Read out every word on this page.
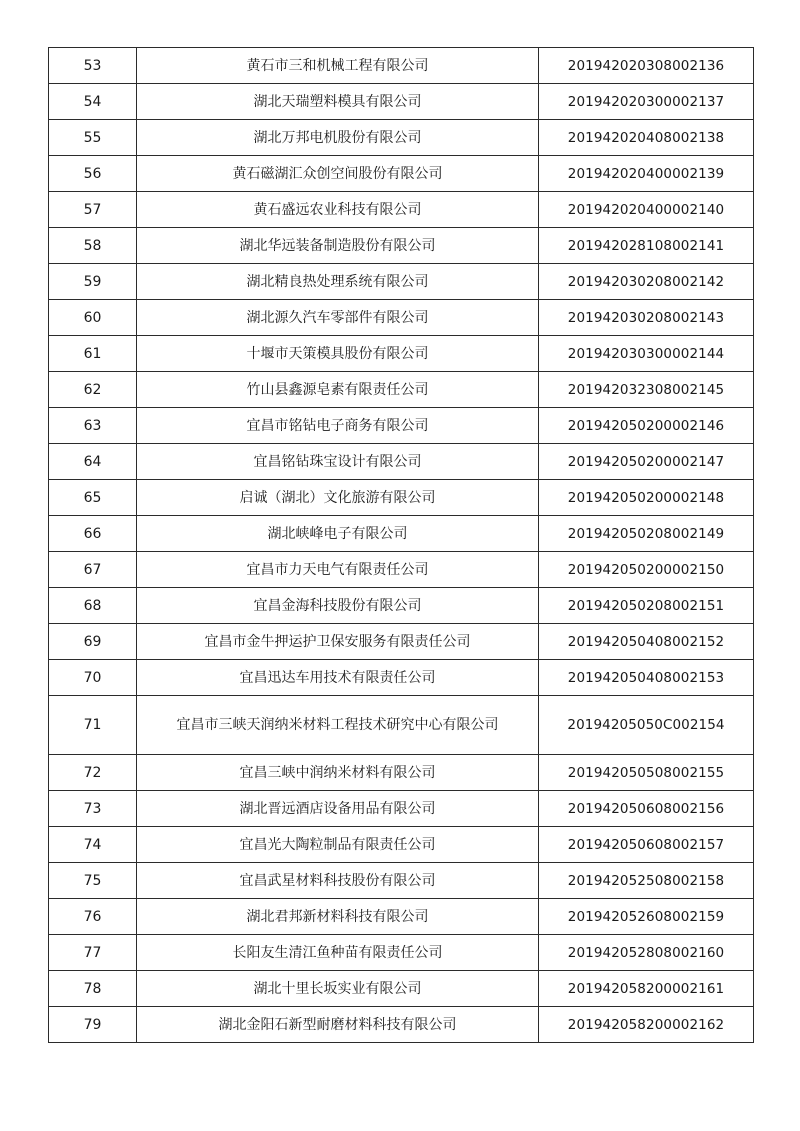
53	黄石市三和机械工程有限公司	201942020308002136
54	湖北天瑞塑料模具有限公司	201942020300002137
55	湖北万邦电机股份有限公司	201942020408002138
56	黄石磁湖汇众创空间股份有限公司	201942020400002139
57	黄石盛远农业科技有限公司	201942020400002140
58	湖北华远装备制造股份有限公司	201942028108002141
59	湖北精良热处理系统有限公司	201942030208002142
60	湖北源久汽车零部件有限公司	201942030208002143
61	十堰市天策模具股份有限公司	201942030300002144
62	竹山县鑫源皂素有限责任公司	201942032308002145
63	宜昌市铭钻电子商务有限公司	201942050200002146
64	宜昌铭钻珠宝设计有限公司	201942050200002147
65	启诚（湖北）文化旅游有限公司	201942050200002148
66	湖北峡峰电子有限公司	201942050208002149
67	宜昌市力天电气有限责任公司	201942050200002150
68	宜昌金海科技股份有限公司	201942050208002151
69	宜昌市金牛押运护卫保安服务有限责任公司	201942050408002152
70	宜昌迅达车用技术有限责任公司	201942050408002153
71	宜昌市三峡天润纳米材料工程技术研究中心有限公司	20194205050C002154
72	宜昌三峡中润纳米材料有限公司	201942050508002155
73	湖北晋远酒店设备用品有限公司	201942050608002156
74	宜昌光大陶粒制品有限责任公司	201942050608002157
75	宜昌武星材料科技股份有限公司	201942052508002158
76	湖北君邦新材料科技有限公司	201942052608002159
77	长阳友生清江鱼种苗有限责任公司	201942052808002160
78	湖北十里长坂实业有限公司	201942058200002161
79	湖北金阳石新型耐磨材料科技有限公司	201942058200002162
